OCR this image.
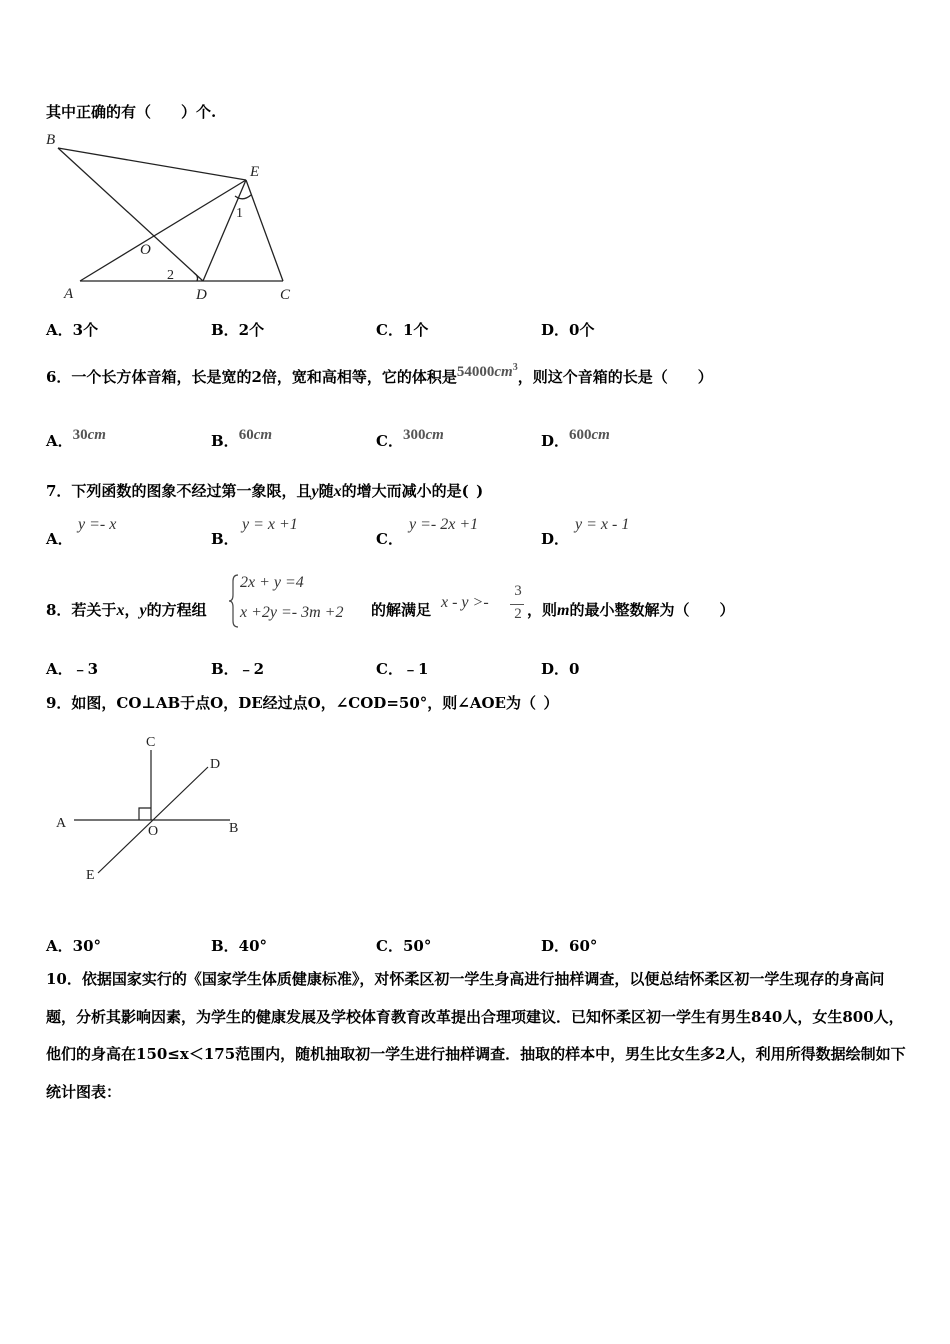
其中正确的有（　　）个.
B
E
O
A	D	C
1
2
A．3个	B．2个	C．1个	D．0个
6．一个长方体音箱，长是宽的2倍，宽和高相等，它的体积是$54000cm^3$，则这个音箱的长是（　　）
A．30cm	B．60cm	C．300cm	D．600cm
7．下列函数的图象不经过第一象限，且y随x的增大而减小的是( )
A．
y =- x
B．
y = x +1
C．
y =- 2x +1
D．
y = x - 1
8．若关于x，y的方程组
2x + y =4
x +2y =- 3m +2 的解满足 x - y >-
3
2 ，则m的最小整数解为（　　）
A．﹣3	B．﹣2	C．﹣1	D．0
9．如图，CO⊥AB于点O，DE经过点O，∠COD=50°，则∠AOE为（ ）
C
D
A
O	B
E
A．30°	B．40°	C．50°	D．60°
10．依据国家实行的《国家学生体质健康标准》，对怀柔区初一学生身高进行抽样调查，以便总结怀柔区初一学生现存的身高问题，分析其影响因素，为学生的健康发展及学校体育教育改革提出合理项建议．已知怀柔区初一学生有男生840人，女生800人，他们的身高在150≤x＜175范围内，随机抽取初一学生进行抽样调查．抽取的样本中，男生比女生多2人，利用所得数据绘制如下统计图表：
